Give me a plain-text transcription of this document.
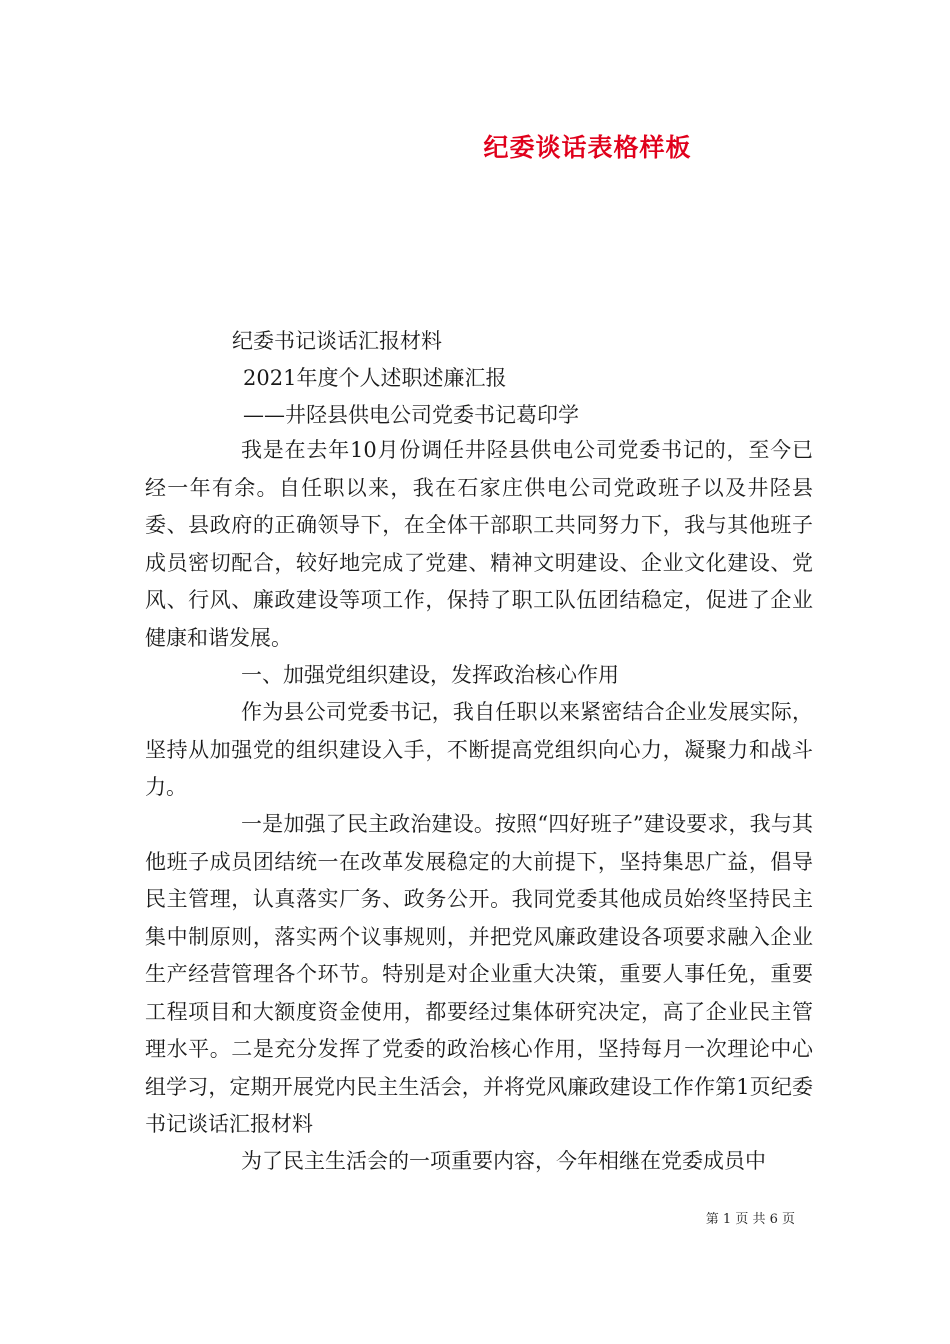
纪委谈话表格样板
纪委书记谈话汇报材料
2021年度个人述职述廉汇报
——井陉县供电公司党委书记葛印学

我是在去年10月份调任井陉县供电公司党委书记的，至今已经一年有余。自任职以来，我在石家庄供电公司党政班子以及井陉县委、县政府的正确领导下，在全体干部职工共同努力下，我与其他班子成员密切配合，较好地完成了党建、精神文明建设、企业文化建设、党风、行风、廉政建设等项工作，保持了职工队伍团结稳定，促进了企业健康和谐发展。

一、加强党组织建设，发挥政治核心作用

作为县公司党委书记，我自任职以来紧密结合企业发展实际，坚持从加强党的组织建设入手，不断提高党组织向心力，凝聚力和战斗力。

一是加强了民主政治建设。按照“四好班子”建设要求，我与其他班子成员团结统一在改革发展稳定的大前提下，坚持集思广益，倡导民主管理，认真落实厂务、政务公开。我同党委其他成员始终坚持民主集中制原则，落实两个议事规则，并把党风廉政建设各项要求融入企业生产经营管理各个环节。特别是对企业重大决策，重要人事任免，重要工程项目和大额度资金使用，都要经过集体研究决定，高了企业民主管理水平。二是充分发挥了党委的政治核心作用，坚持每月一次理论中心组学习，定期开展党内民主生活会，并将党风廉政建设工作作第1页纪委书记谈话汇报材料

为了民主生活会的一项重要内容，今年相继在党委成员中

第 1 页 共 6 页
